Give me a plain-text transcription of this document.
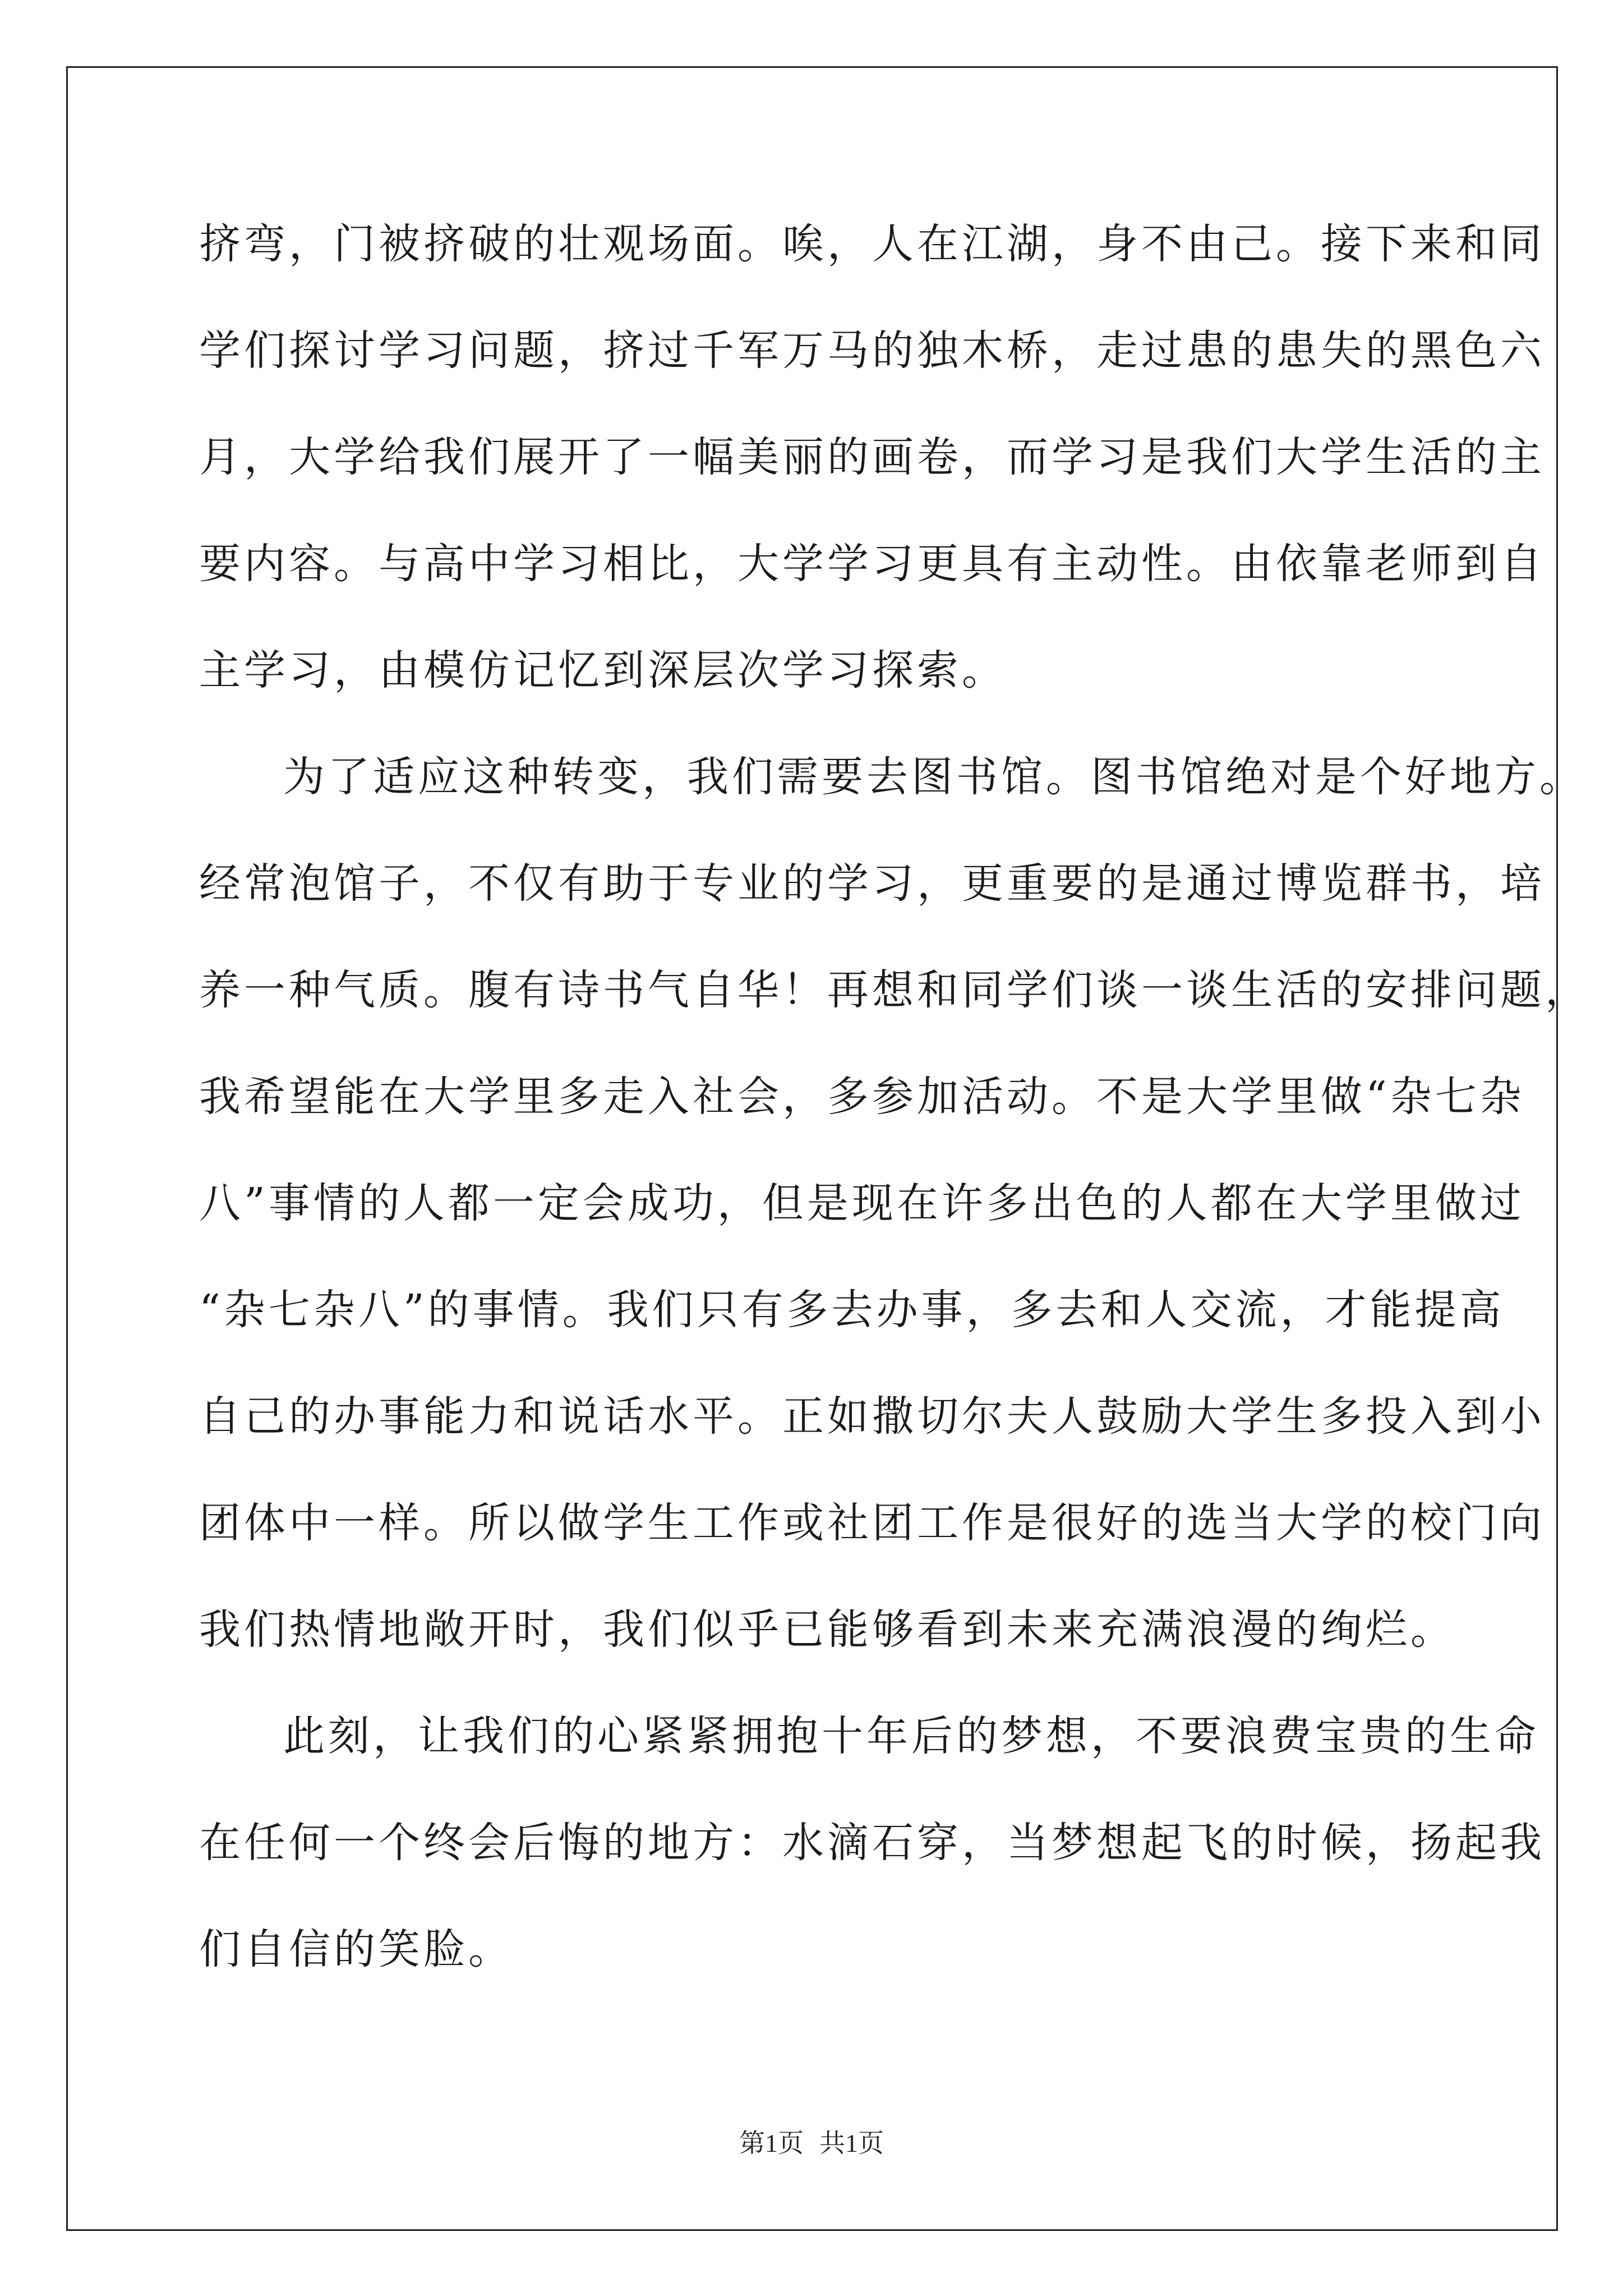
挤弯，门被挤破的壮观场面。唉，人在江湖，身不由己。接下来和同
学们探讨学习问题，挤过千军万马的独木桥，走过患的患失的黑色六
月，大学给我们展开了一幅美丽的画卷，而学习是我们大学生活的主
要内容。与高中学习相比，大学学习更具有主动性。由依靠老师到自
主学习，由模仿记忆到深层次学习探索。
为了适应这种转变，我们需要去图书馆。图书馆绝对是个好地方。
经常泡馆子，不仅有助于专业的学习，更重要的是通过博览群书，培
养一种气质。腹有诗书气自华！再想和同学们谈一谈生活的安排问题，
我希望能在大学里多走入社会，多参加活动。不是大学里做“杂七杂
八”事情的人都一定会成功，但是现在许多出色的人都在大学里做过
“杂七杂八”的事情。我们只有多去办事，多去和人交流，才能提高
自己的办事能力和说话水平。正如撒切尔夫人鼓励大学生多投入到小
团体中一样。所以做学生工作或社团工作是很好的选当大学的校门向
我们热情地敞开时，我们似乎已能够看到未来充满浪漫的绚烂。
此刻，让我们的心紧紧拥抱十年后的梦想，不要浪费宝贵的生命
在任何一个终会后悔的地方：水滴石穿，当梦想起飞的时候，扬起我
们自信的笑脸。
第1页 共1页
